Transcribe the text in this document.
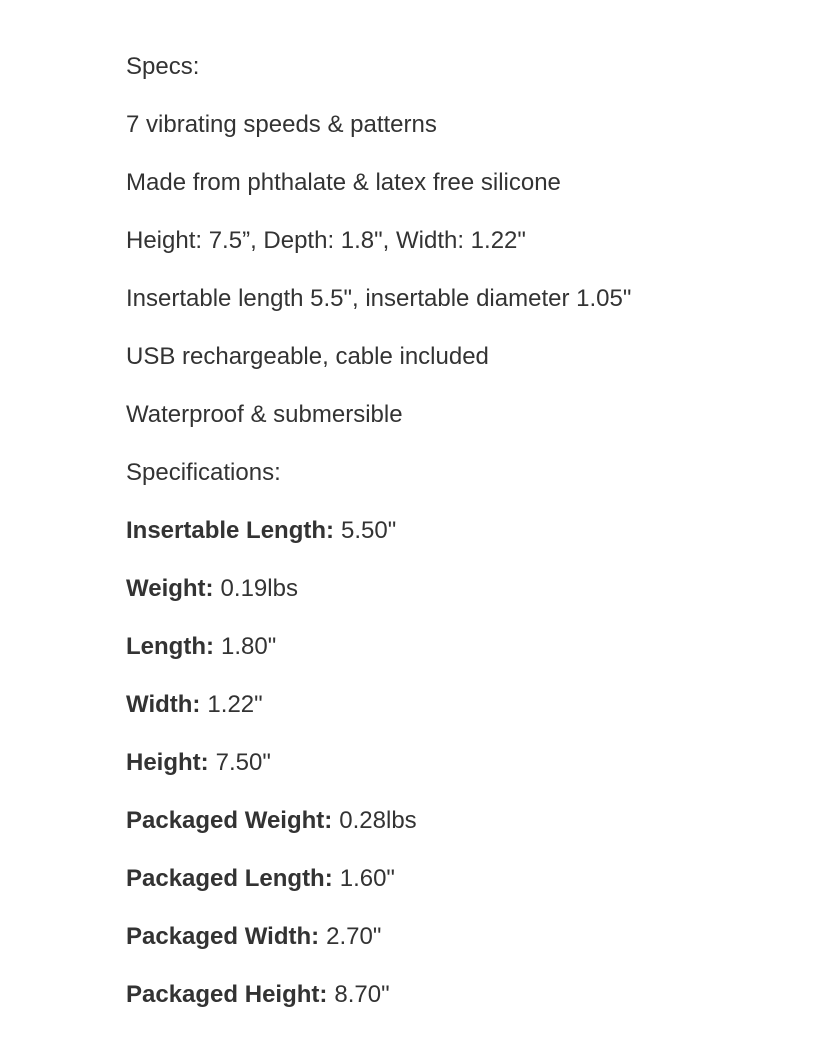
Specs:

7 vibrating speeds & patterns

Made from phthalate & latex free silicone

Height: 7.5”, Depth: 1.8", Width: 1.22"

Insertable length 5.5", insertable diameter 1.05"

USB rechargeable, cable included

Waterproof & submersible

Specifications:

Insertable Length: 5.50"

Weight: 0.19lbs

Length: 1.80"

Width: 1.22"

Height: 7.50"

Packaged Weight: 0.28lbs

Packaged Length: 1.60"

Packaged Width: 2.70"

Packaged Height: 8.70"
